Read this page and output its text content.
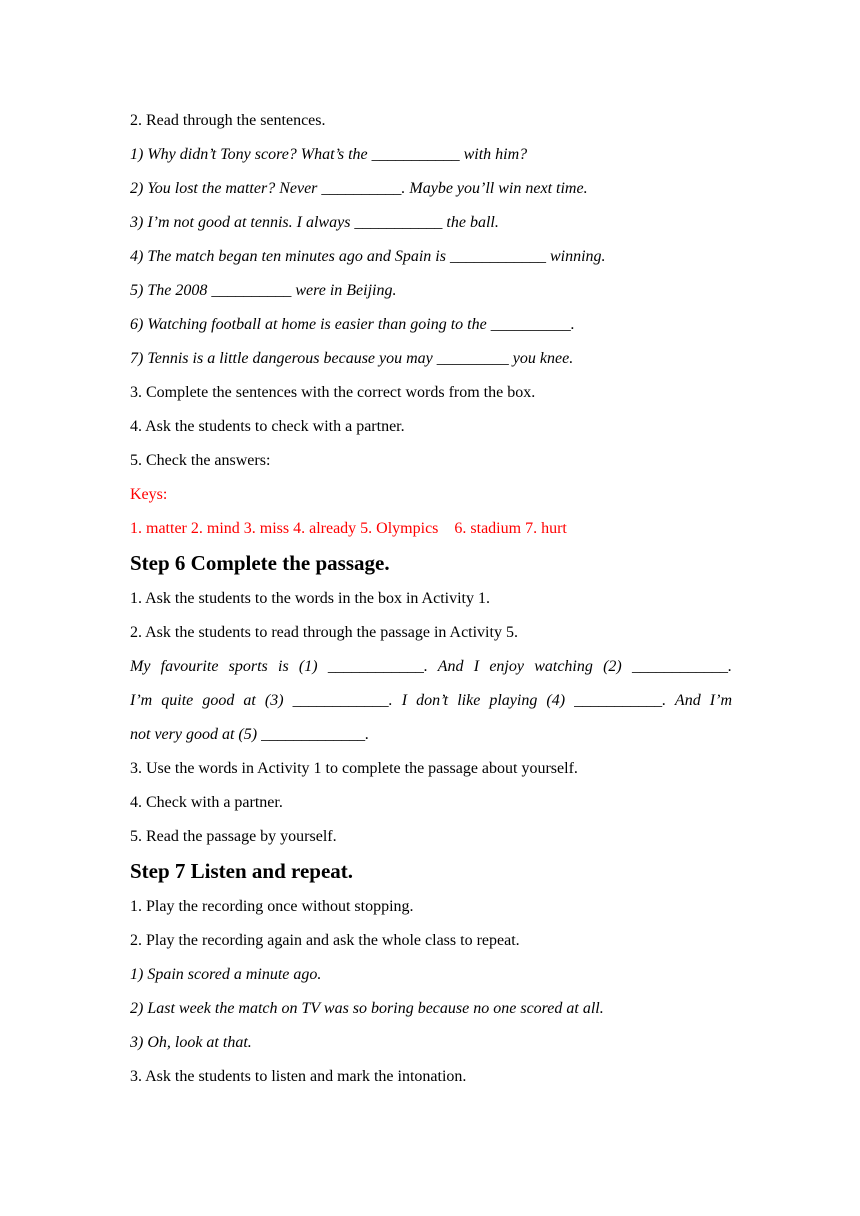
2. Read through the sentences.
1) Why didn’t Tony score? What’s the ___________ with him?
2) You lost the matter? Never __________. Maybe you’ll win next time.
3) I’m not good at tennis. I always ___________ the ball.
4) The match began ten minutes ago and Spain is ____________ winning.
5) The 2008 __________ were in Beijing.
6) Watching football at home is easier than going to the __________.
7) Tennis is a little dangerous because you may _________ you knee.
3. Complete the sentences with the correct words from the box.
4. Ask the students to check with a partner.
5. Check the answers:
Keys:
1. matter 2. mind 3. miss 4. already 5. Olympics    6. stadium 7. hurt
Step 6 Complete the passage.
1. Ask the students to the words in the box in Activity 1.
2. Ask the students to read through the passage in Activity 5.
My favourite sports is (1) ____________. And I enjoy watching (2) ____________.
I’m quite good at (3) ____________. I don’t like playing (4) ___________. And I’m
not very good at (5) _____________.
3. Use the words in Activity 1 to complete the passage about yourself.
4. Check with a partner.
5. Read the passage by yourself.
Step 7 Listen and repeat.
1. Play the recording once without stopping.
2. Play the recording again and ask the whole class to repeat.
1) Spain scored a minute ago.
2) Last week the match on TV was so boring because no one scored at all.
3) Oh, look at that.
3. Ask the students to listen and mark the intonation.
